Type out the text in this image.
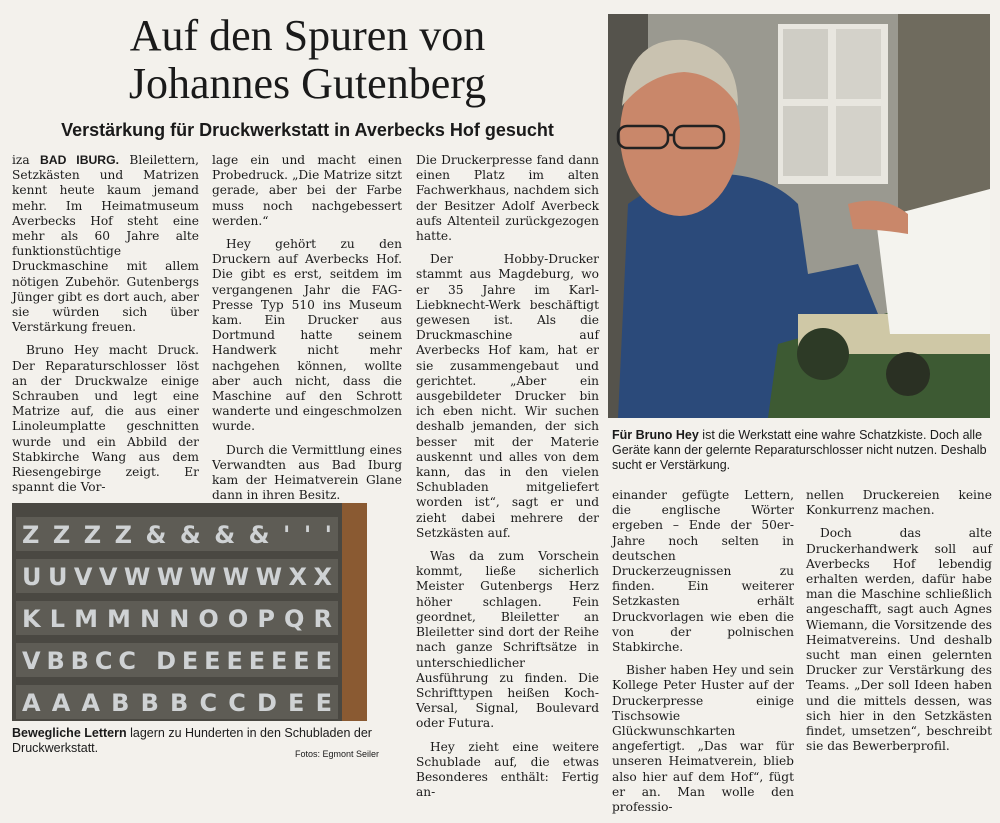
Auf den Spuren von
Johannes Gutenberg
Verstärkung für Druckwerkstatt in Averbecks Hof gesucht

iza BAD IBURG. Bleilettern, Setzkästen und Matrizen kennt heute kaum jemand mehr. Im Heimatmuseum Averbecks Hof steht eine mehr als 60 Jahre alte funktionstüchtige Druckmaschine mit allem nötigen Zubehör. Gutenbergs Jünger gibt es dort auch, aber sie würden sich über Verstärkung freuen.

Bruno Hey macht Druck. Der Reparaturschlosser löst an der Druckwalze einige Schrauben und legt eine Matrize auf, die aus einer Linoleumplatte geschnitten wurde und ein Abbild der Stabkirche Wang aus dem Riesengebirge zeigt. Er spannt die Vor-

lage ein und macht einen Probedruck. „Die Matrize sitzt gerade, aber bei der Farbe muss noch nachgebessert werden.“

Hey gehört zu den Druckern auf Averbecks Hof. Die gibt es erst, seitdem im vergangenen Jahr die FAG-Presse Typ 510 ins Museum kam. Ein Drucker aus Dortmund hatte seinem Handwerk nicht mehr nachgehen können, wollte aber auch nicht, dass die Maschine auf den Schrott wanderte und eingeschmolzen wurde.

Durch die Vermittlung eines Verwandten aus Bad Iburg kam der Heimatverein Glane dann in ihren Besitz.

Die Druckerpresse fand dann einen Platz im alten Fachwerkhaus, nachdem sich der Besitzer Adolf Averbeck aufs Altenteil zurückgezogen hatte.

Der Hobby-Drucker stammt aus Magdeburg, wo er 35 Jahre im Karl-Liebknecht-Werk beschäftigt gewesen ist. Als die Druckmaschine auf Averbecks Hof kam, hat er sie zusammengebaut und gerichtet. „Aber ein ausgebildeter Drucker bin ich eben nicht. Wir suchen deshalb jemanden, der sich besser mit der Materie auskennt und alles von dem kann, das in den vielen Schubladen mitgeliefert worden ist“, sagt er und zieht dabei mehrere der Setzkästen auf.

Was da zum Vorschein kommt, ließe sicherlich Meister Gutenbergs Herz höher schlagen. Fein geordnet, Bleiletter an Bleiletter sind dort der Reihe nach ganze Schriftsätze in unterschiedlicher Ausführung zu finden. Die Schrifttypen heißen Koch-Versal, Signal, Boulevard oder Futura.

Hey zieht eine weitere Schublade auf, die etwas Besonderes enthält: Fertig an-

einander gefügte Lettern, die englische Wörter ergeben – Ende der 50er-Jahre noch selten in deutschen Druckerzeugnissen zu finden. Ein weiterer Setzkasten erhält Druckvorlagen wie eben die von der polnischen Stabkirche.

Bisher haben Hey und sein Kollege Peter Huster auf der Druckerpresse einige Tischsowie Glückwunschkarten angefertigt. „Das war für unseren Heimatverein, blieb also hier auf dem Hof“, fügt er an. Man wolle den professio-

nellen Druckereien keine Konkurrenz machen.

Doch das alte Druckerhandwerk soll auf Averbecks Hof lebendig erhalten werden, dafür habe man die Maschine schließlich angeschafft, sagt auch Agnes Wiemann, die Vorsitzende des Heimatvereins. Und deshalb sucht man einen gelernten Drucker zur Verstärkung des Teams. „Der soll Ideen haben und die mittels dessen, was sich hier in den Setzkästen findet, umsetzen“, beschreibt sie das Bewerberprofil.

Für Bruno Hey ist die Werkstatt eine wahre Schatzkiste. Doch alle Geräte kann der gelernte Reparaturschlosser nicht nutzen. Deshalb sucht er Verstärkung.
ZZZZ&&&&'''
UUVVWWWWWXX
KLMMNNOOPQR
VBBCC DEEEEEEE
AAABBBCCDEE
Bewegliche Lettern lagern zu Hunderten in den Schubladen der Druckwerkstatt.	Fotos: Egmont Seiler
